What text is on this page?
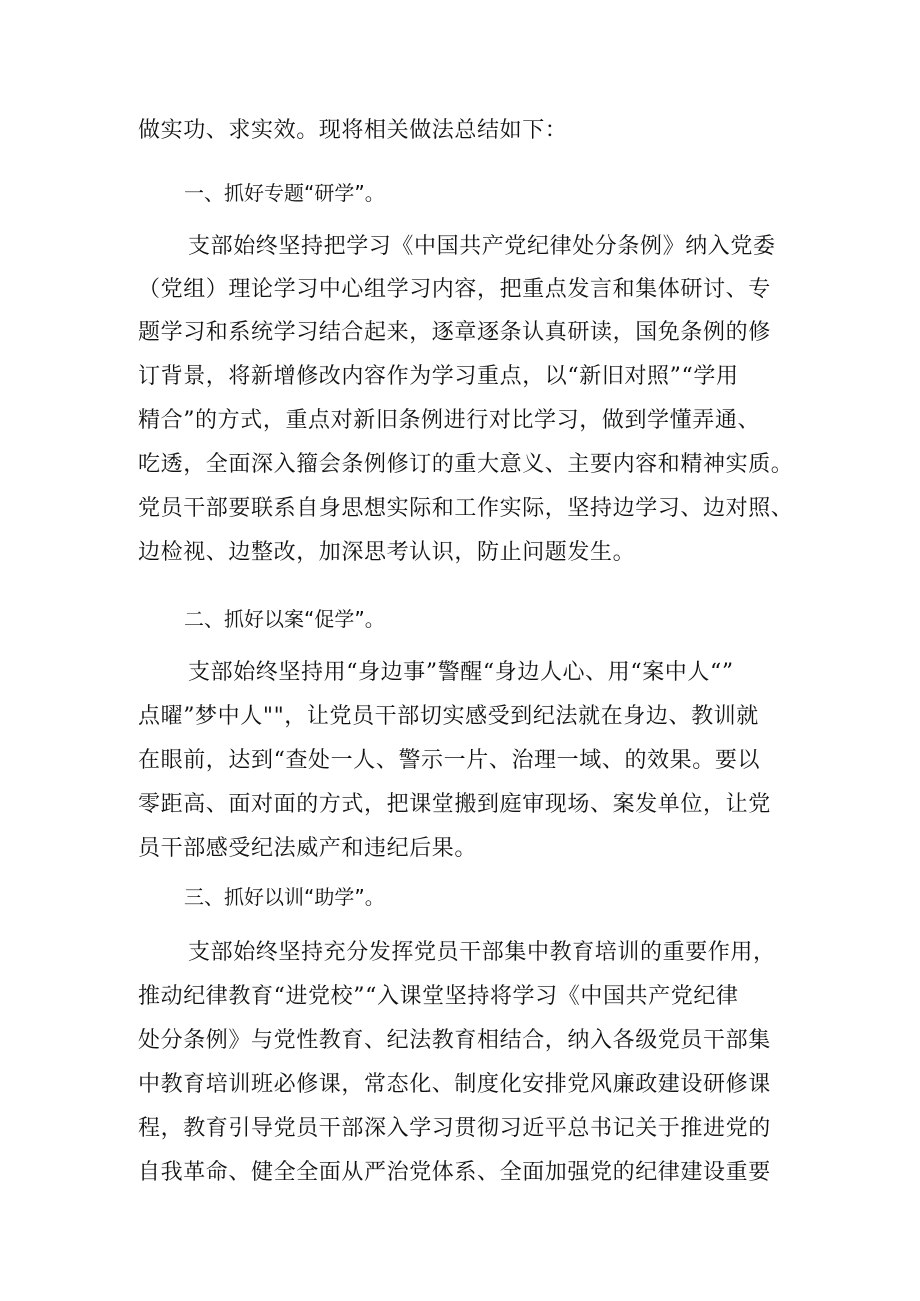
做实功、求实效。现将相关做法总结如下：
一、抓好专题“研学”。
支部始终坚持把学习《中国共产党纪律处分条例》纳入党委
（党组）理论学习中心组学习内容，把重点发言和集体研讨、专
题学习和系统学习结合起来，逐章逐条认真研读，国免条例的修
订背景，将新增修改内容作为学习重点，以“新旧对照”“学用
精合”的方式，重点对新旧条例进行对比学习，做到学懂弄通、
吃透，全面深入籀会条例修订的重大意义、主要内容和精神实质。
党员干部要联系自身思想实际和工作实际，坚持边学习、边对照、
边检视、边整改，加深思考认识，防止问题发生。
二、抓好以案“促学”。
支部始终坚持用“身边事”警醒“身边人心、用“案中人“”
点曜”梦中人""，让党员干部切实感受到纪法就在身边、教训就
在眼前，达到“查处一人、警示一片、治理一域、的效果。要以
零距高、面对面的方式，把课堂搬到庭审现场、案发单位，让党
员干部感受纪法威产和违纪后果。
三、抓好以训“助学”。
支部始终坚持充分发挥党员干部集中教育培训的重要作用，
推动纪律教育“进党校”“入课堂坚持将学习《中国共产党纪律
处分条例》与党性教育、纪法教育相结合，纳入各级党员干部集
中教育培训班必修课，常态化、制度化安排党风廉政建设研修课
程，教育引导党员干部深入学习贯彻习近平总书记关于推进党的
自我革命、健全全面从严治党体系、全面加强党的纪律建设重要
